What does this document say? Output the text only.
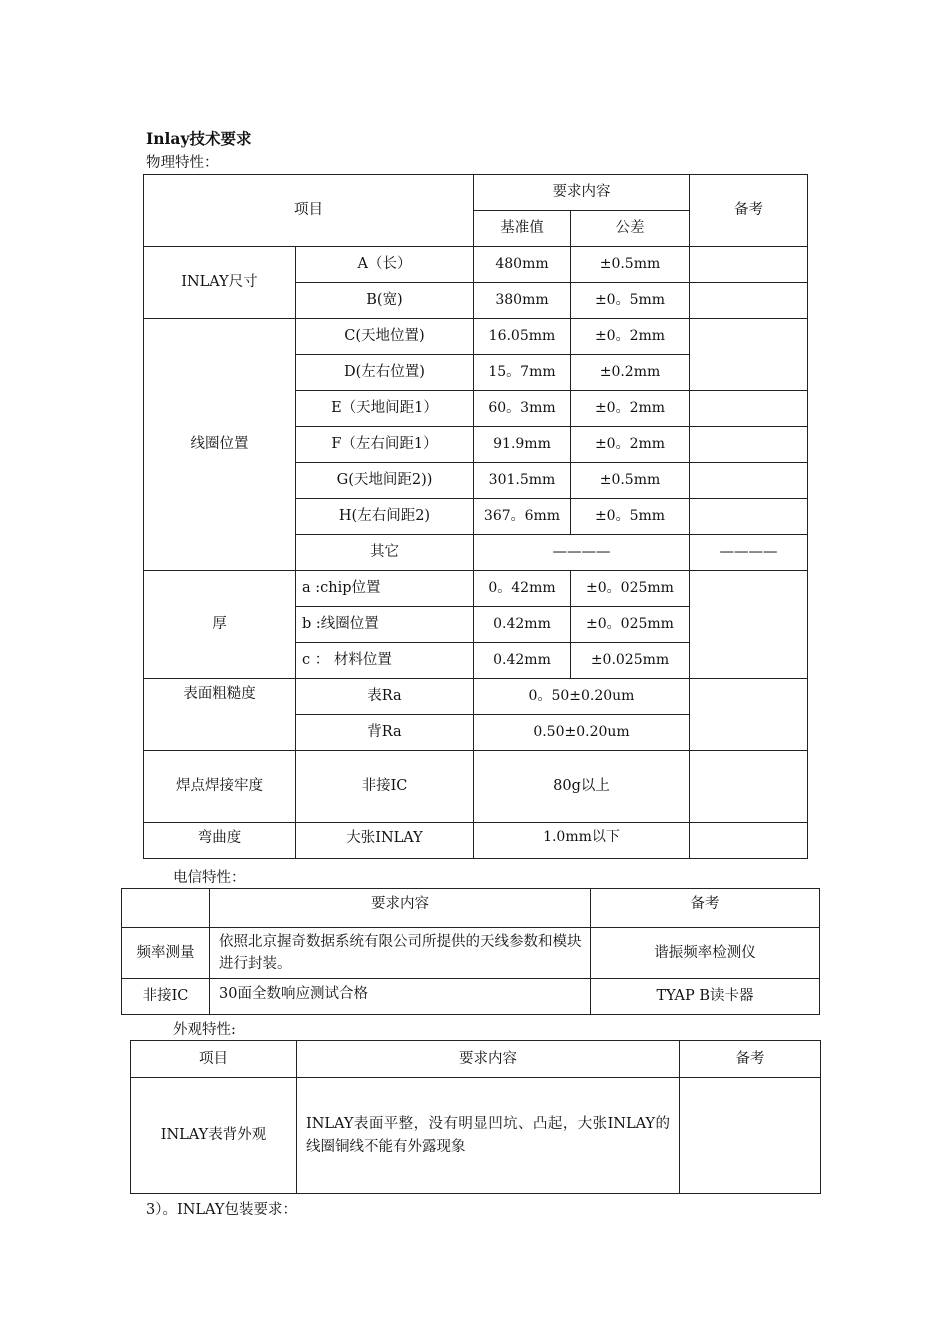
Inlay技术要求
物理特性：
项目		要求内容		备考
		基准值	公差	
INLAY尺寸	A（长）	480mm	±0.5mm	
	B(宽)	380mm	±0。5mm	
线圈位置	C(天地位置)	16.05mm	±0。2mm	
	D(左右位置)	15。7mm	±0.2mm	
	E（天地间距1）	60。3mm	±0。2mm	
	F（左右间距1）	91.9mm	±0。2mm	
	G(天地间距2))	301.5mm	±0.5mm	
	H(左右间距2)	367。6mm	±0。5mm	
	其它	————		————
厚	a :chip位置	0。42mm	±0。025mm	
	b :线圈位置	0.42mm	±0。025mm	
	c ： 材料位置	0.42mm	±0.025mm	
表面粗糙度	表Ra	0。50±0.20um		
	背Ra	0.50±0.20um		
焊点焊接牢度	非接IC	80g以上		
弯曲度	大张INLAY	1.0mm以下		
电信特性：
	要求内容	备考
频率测量	依照北京握奇数据系统有限公司所提供的天线参数和模块进行封装。	谐振频率检测仪
非接IC	30面全数响应测试合格	TYAP B读卡器
外观特性:
项目	要求内容	备考
INLAY表背外观	INLAY表面平整，没有明显凹坑、凸起，大张INLAY的线圈铜线不能有外露现象	
3）。INLAY包装要求：
